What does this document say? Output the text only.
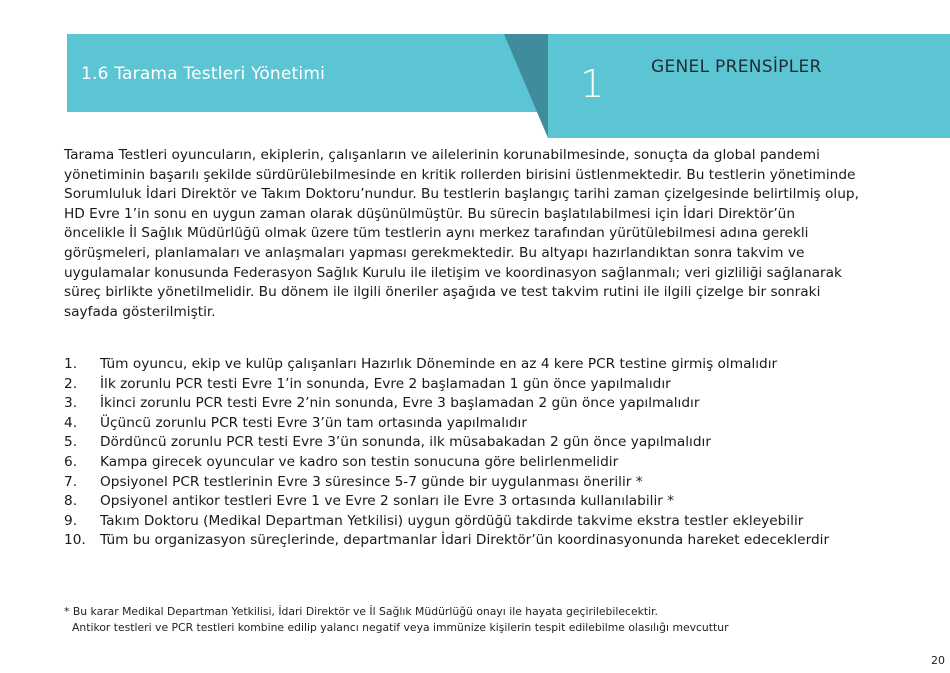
1.6 Tarama Testleri Yönetimi	1	GENEL PRENSİPLER

Tarama Testleri oyuncuların, ekiplerin, çalışanların ve ailelerinin korunabilmesinde, sonuçta da global pandemi
yönetiminin başarılı şekilde sürdürülebilmesinde en kritik rollerden birisini üstlenmektedir. Bu testlerin yönetiminde
Sorumluluk İdari Direktör ve Takım Doktoru’nundur. Bu testlerin başlangıç tarihi zaman çizelgesinde belirtilmiş olup,
HD Evre 1’in sonu en uygun zaman olarak düşünülmüştür. Bu sürecin başlatılabilmesi için İdari Direktör’ün
öncelikle İl Sağlık Müdürlüğü olmak üzere tüm testlerin aynı merkez tarafından yürütülebilmesi adına gerekli
görüşmeleri, planlamaları ve anlaşmaları yapması gerekmektedir. Bu altyapı hazırlandıktan sonra takvim ve
uygulamalar konusunda Federasyon Sağlık Kurulu ile iletişim ve koordinasyon sağlanmalı; veri gizliliği sağlanarak
süreç birlikte yönetilmelidir. Bu dönem ile ilgili öneriler aşağıda ve test takvim rutini ile ilgili çizelge bir sonraki
sayfada gösterilmiştir.

1.	Tüm oyuncu, ekip ve kulüp çalışanları Hazırlık Döneminde en az 4 kere PCR testine girmiş olmalıdır
2.	İlk zorunlu PCR testi Evre 1’in sonunda, Evre 2 başlamadan 1 gün önce yapılmalıdır
3.	İkinci zorunlu PCR testi Evre 2’nin sonunda, Evre 3 başlamadan 2 gün önce yapılmalıdır
4.	Üçüncü zorunlu PCR testi Evre 3’ün tam ortasında yapılmalıdır
5.	Dördüncü zorunlu PCR testi Evre 3’ün sonunda, ilk müsabakadan 2 gün önce yapılmalıdır
6.	Kampa girecek oyuncular ve kadro son testin sonucuna göre belirlenmelidir
7.	Opsiyonel PCR testlerinin Evre 3 süresince 5-7 günde bir uygulanması önerilir *
8.	Opsiyonel antikor testleri Evre 1 ve Evre 2 sonları ile Evre 3 ortasında kullanılabilir *
9.	Takım Doktoru (Medikal Departman Yetkilisi) uygun gördüğü takdirde takvime ekstra testler ekleyebilir
10.	Tüm bu organizasyon süreçlerinde, departmanlar İdari Direktör’ün koordinasyonunda hareket edeceklerdir
* Bu karar Medikal Departman Yetkilisi, İdari Direktör ve İl Sağlık Müdürlüğü onayı ile hayata geçirilebilecektir.
Antikor testleri ve PCR testleri kombine edilip yalancı negatif veya immünize kişilerin tespit edilebilme olasılığı mevcuttur
20
